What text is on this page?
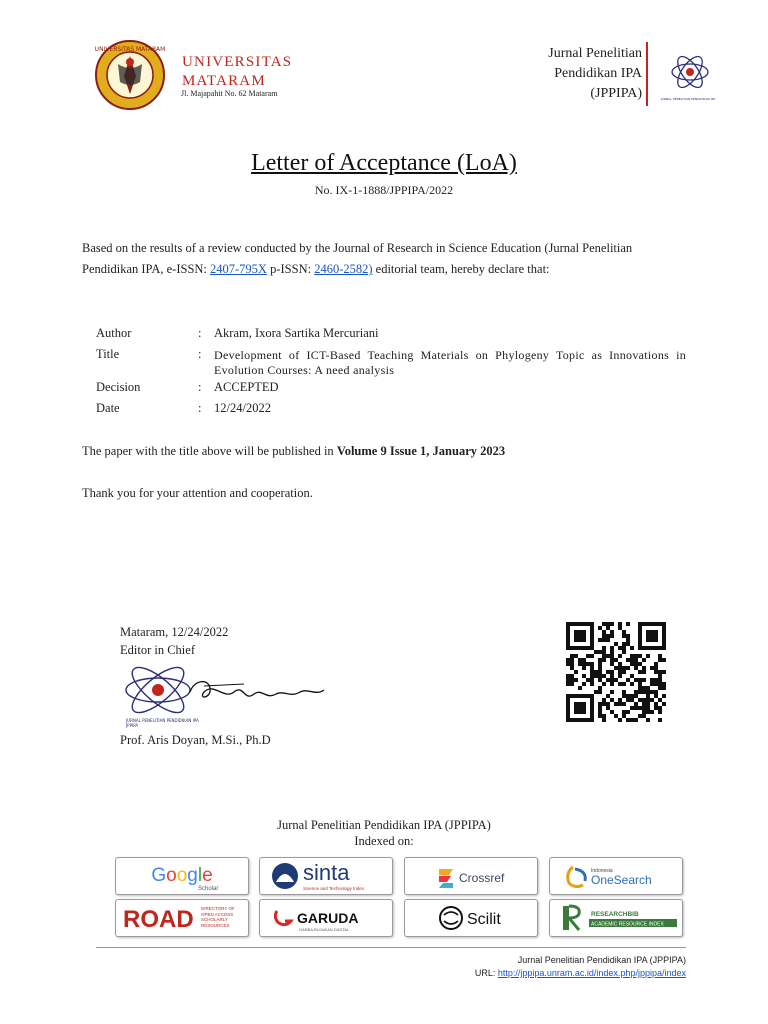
UNIVERSITAS MATARAM
UNIVERSITAS
MATARAM
Jl. Majapahit No. 62 Mataram
Jurnal Penelitian
Pendidikan IPA
(JPPIPA)	JURNAL PENELITIAN PENDIDIKAN IPA
Letter of Acceptance (LoA)
No. IX-1-1888/JPPIPA/2022

Based on the results of a review conducted by the Journal of Research in Science Education (Jurnal Penelitian Pendidikan IPA, e-ISSN: 2407-795X p-ISSN: 2460-2582) editorial team, hereby declare that:

Author	: Akram, Ixora Sartika Mercuriani
Title	: Development of ICT-Based Teaching Materials on Phylogeny Topic as Innovations in Evolution Courses: A need analysis
Decision	: ACCEPTED
Date	: 12/24/2022

The paper with the title above will be published in Volume 9 Issue 1, January 2023

Thank you for your attention and cooperation.

JURNAL PENELITIAN PENDIDIKAN IPA
JPPIPA
Mataram, 12/24/2022
Editor in Chief
Prof. Aris Doyan, M.Si., Ph.D
Jurnal Penelitian Pendidikan IPA (JPPIPA)
Indexed on:
Google
Scholar
sinta
Science and Technology Index
Crossref	Indonesia
OneSearch
ROAD DIRECTORY OF OPEN ACCESS SCHOLARLY RESOURCES	GARUDA
GARBA RUJUKAN DIGITAL
Scilit	RESEARCHBIB
ACADEMIC RESOURCE INDEX
Jurnal Penelitian Pendidikan IPA (JPPIPA)
URL: http://jppipa.unram.ac.id/index.php/jppipa/index
